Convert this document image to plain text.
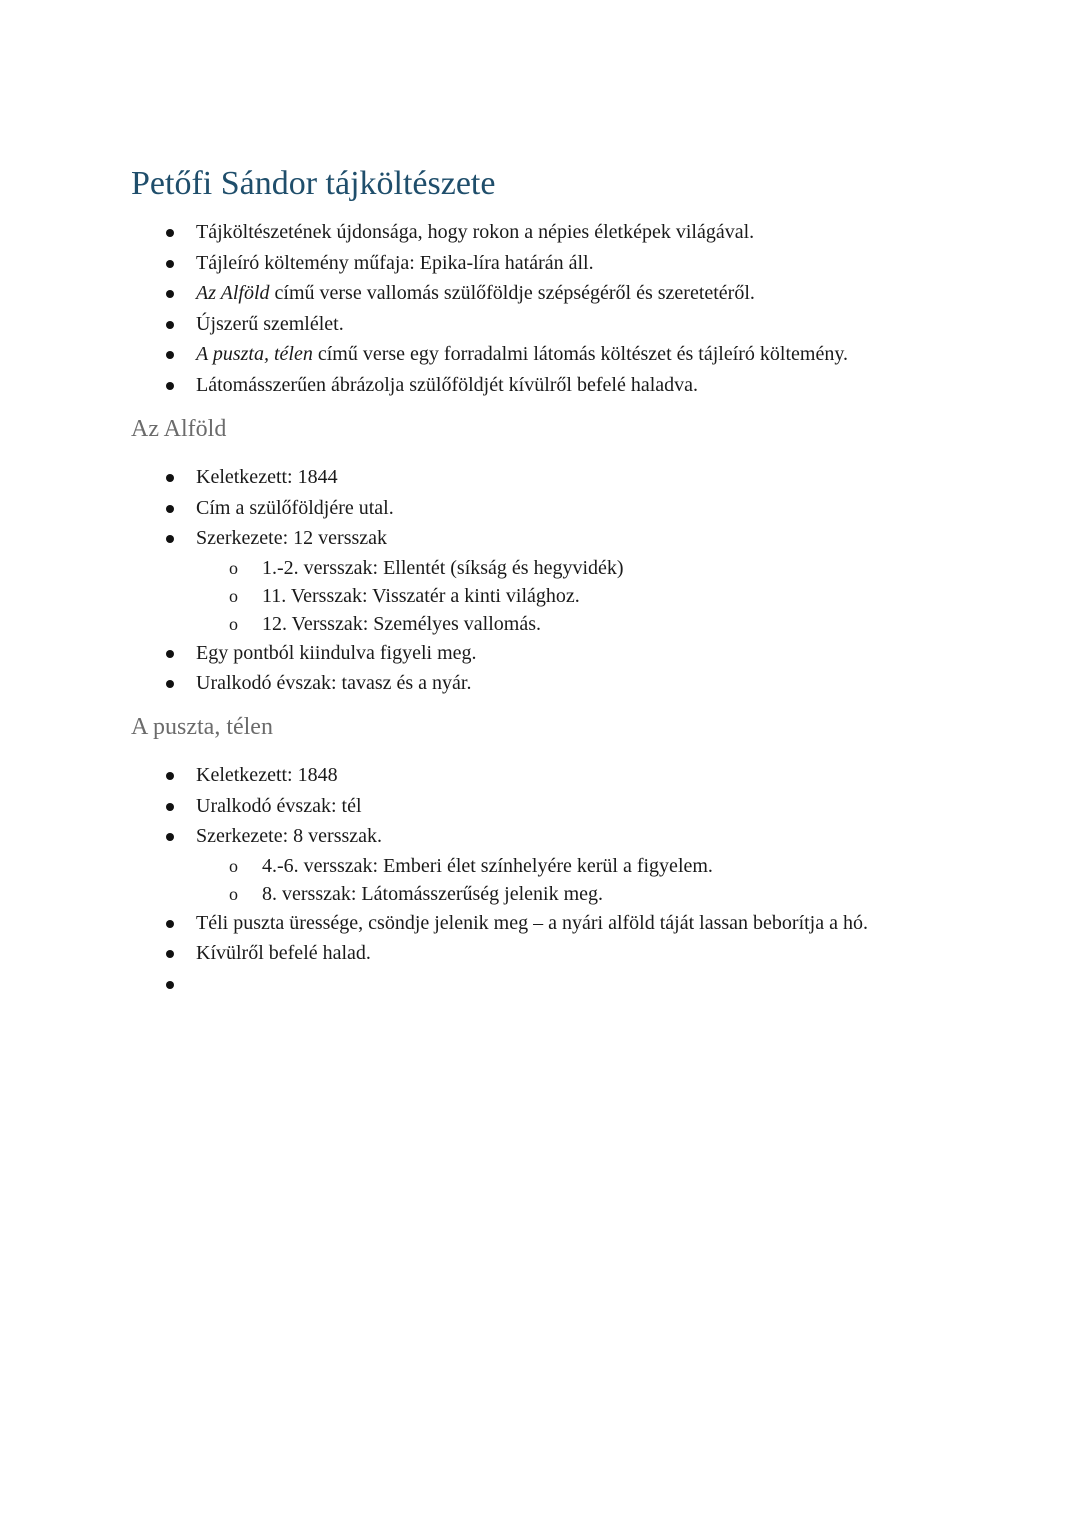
Petőfi Sándor tájköltészete
Tájköltészetének újdonsága, hogy rokon a népies életképek világával.
Tájleíró költemény műfaja: Epika-líra határán áll.
Az Alföld című verse vallomás szülőföldje szépségéről és szeretetéről.
Újszerű szemlélet.
A puszta, télen című verse egy forradalmi látomás költészet és tájleíró költemény.
Látomásszerűen ábrázolja szülőföldjét kívülről befelé haladva.
Az Alföld
Keletkezett: 1844
Cím a szülőföldjére utal.
Szerkezete: 12 versszak
o 1.-2. versszak: Ellentét (síkság és hegyvidék)
o 11. Versszak: Visszatér a kinti világhoz.
o 12. Versszak: Személyes vallomás.
Egy pontból kiindulva figyeli meg.
Uralkodó évszak: tavasz és a nyár.
A puszta, télen
Keletkezett: 1848
Uralkodó évszak: tél
Szerkezete: 8 versszak.
o 4.-6. versszak: Emberi élet színhelyére kerül a figyelem.
o 8. versszak: Látomásszerűség jelenik meg.
Téli puszta üressége, csöndje jelenik meg – a nyári alföld táját lassan beborítja a hó.
Kívülről befelé halad.
